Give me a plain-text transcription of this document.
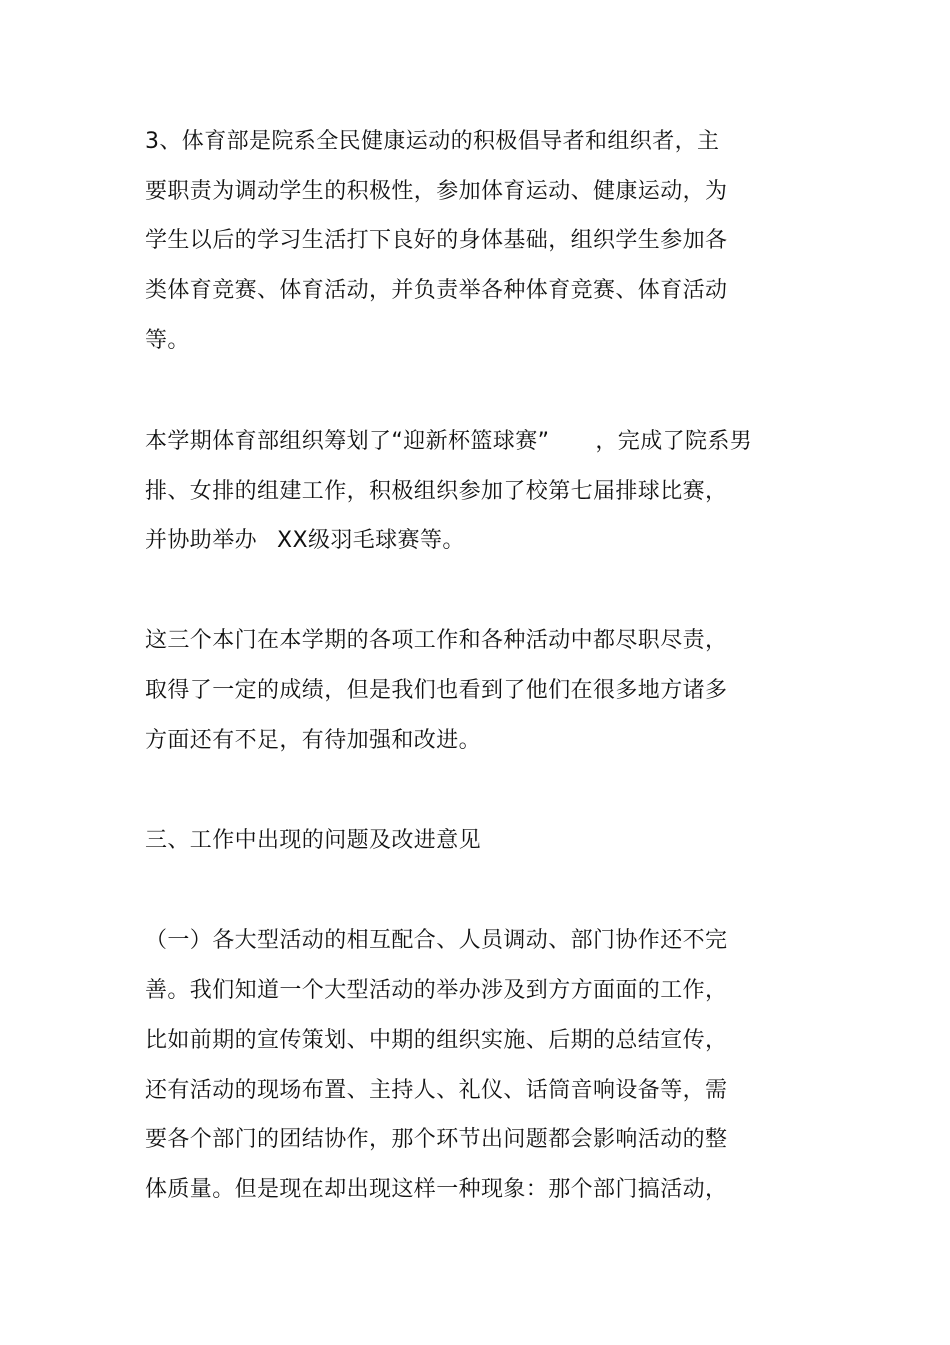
3、体育部是院系全民健康运动的积极倡导者和组织者，主
要职责为调动学生的积极性，参加体育运动、健康运动，为
学生以后的学习生活打下良好的身体基础，组织学生参加各
类体育竞赛、体育活动，并负责举各种体育竞赛、体育活动
等。
本学期体育部组织筹划了“迎新杯篮球赛” ，完成了院系男
排、女排的组建工作，积极组织参加了校第七届排球比赛，
并协助举办 XX级羽毛球赛等。
这三个本门在本学期的各项工作和各种活动中都尽职尽责，
取得了一定的成绩，但是我们也看到了他们在很多地方诸多
方面还有不足，有待加强和改进。
三、工作中出现的问题及改进意见
（一）各大型活动的相互配合、人员调动、部门协作还不完
善。我们知道一个大型活动的举办涉及到方方面面的工作，
比如前期的宣传策划、中期的组织实施、后期的总结宣传，
还有活动的现场布置、主持人、礼仪、话筒音响设备等，需
要各个部门的团结协作，那个环节出问题都会影响活动的整
体质量。但是现在却出现这样一种现象：那个部门搞活动，
